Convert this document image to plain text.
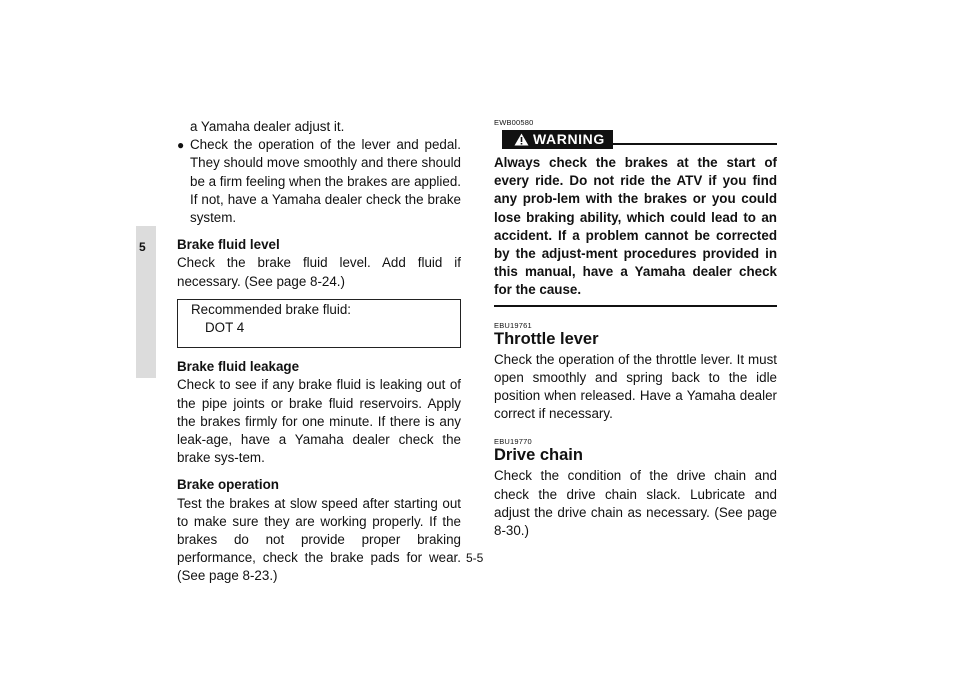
5

a Yamaha dealer adjust it.

● Check the operation of the lever and pedal. They should move smoothly and there should be a firm feeling when the brakes are applied. If not, have a Yamaha dealer check the brake system.

Brake fluid level

Check the brake fluid level. Add fluid if necessary. (See page 8-24.)

Recommended brake fluid:

DOT 4

Brake fluid leakage

Check to see if any brake fluid is leaking out of the pipe joints or brake fluid reservoirs. Apply the brakes firmly for one minute. If there is any leak-age, have a Yamaha dealer check the brake sys-tem.

Brake operation

Test the brakes at slow speed after starting out to make sure they are working properly. If the brakes do not provide proper braking performance, check the brake pads for wear. (See page 8-23.)

EWB00580
WARNING

Always check the brakes at the start of every ride. Do not ride the ATV if you find any prob-lem with the brakes or you could lose braking ability, which could lead to an accident. If a problem cannot be corrected by the adjust-ment procedures provided in this manual, have a Yamaha dealer check for the cause.

EBU19761
Throttle lever

Check the operation of the throttle lever. It must open smoothly and spring back to the idle position when released. Have a Yamaha dealer correct if necessary.

EBU19770
Drive chain

Check the condition of the drive chain and check the drive chain slack. Lubricate and adjust the drive chain as necessary. (See page 8-30.)

5-5
